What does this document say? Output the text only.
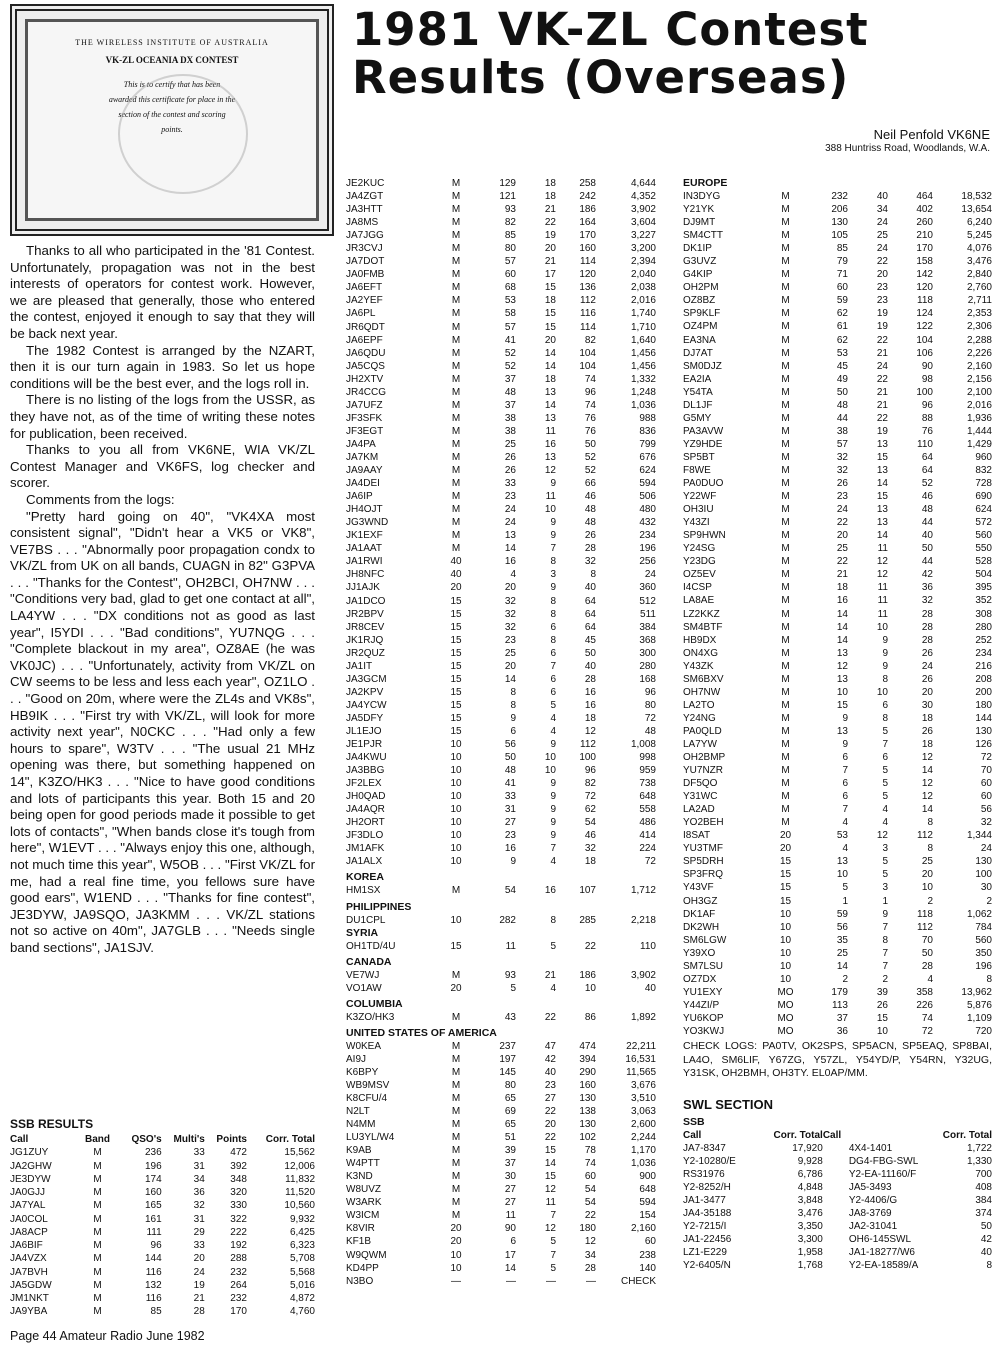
THE WIRELESS INSTITUTE OF AUSTRALIA
VK-ZL OCEANIA DX CONTEST
This is to certify that has been
awarded this certificate for place in the
section of the contest and scoring
points.
1981 VK-ZL Contest
Results (Overseas)
Neil Penfold VK6NE
388 Huntriss Road, Woodlands, W.A.

Thanks to all who participated in the '81 Contest. Unfortunately, propagation was not in the best interests of operators for contest work. However, we are pleased that generally, those who entered the contest, enjoyed it enough to say that they will be back next year.

The 1982 Contest is arranged by the NZART, then it is our turn again in 1983. So let us hope conditions will be the best ever, and the logs roll in.

There is no listing of the logs from the USSR, as they have not, as of the time of writing these notes for publication, been received.

Thanks to you all from VK6NE, WIA VK/ZL Contest Manager and VK6FS, log checker and scorer.

Comments from the logs:

"Pretty hard going on 40", "VK4XA most consistent signal", "Didn't hear a VK5 or VK8", VE7BS . . . "Abnormally poor propagation condx to VK/ZL from UK on all bands, CUAGN in 82" G3PVA . . . "Thanks for the Contest", OH2BCI, OH7NW . . . "Conditions very bad, glad to get one contact at all", LA4YW . . . "DX conditions not as good as last year", I5YDI . . . "Bad conditions", YU7NQG . . . "Complete blackout in my area", OZ8AE (he was VK0JC) . . . "Unfortunately, activity from VK/ZL on CW seems to be less and less each year", OZ1LO . . . "Good on 20m, where were the ZL4s and VK8s", HB9IK . . . "First try with VK/ZL, will look for more activity next year", N0CKC . . . "Had only a few hours to spare", W3TV . . . "The usual 21 MHz opening was there, but something happened on 14", K3ZO/HK3 . . . "Nice to have good conditions and lots of participants this year. Both 15 and 20 being open for good periods made it possible to get lots of contacts", "When bands close it's tough from here", W1EVT . . . "Always enjoy this one, although, not much time this year", W5OB . . . "First VK/ZL for me, had a real fine time, you fellows sure have good ears", W1END . . . "Thanks for fine contest", JE3DYW, JA9SQO, JA3KMM . . . VK/ZL stations not so active on 40m", JA7GLB . . . "Needs single band sections", JA1SJV.

SSB RESULTS
Call	Band	QSO's	Multi's	Points	Corr. Total
JG1ZUY	M	236	33	472	15,562
JA2GHW	M	196	31	392	12,006
JE3DYW	M	174	34	348	11,832
JA0GJJ	M	160	36	320	11,520
JA7YAL	M	165	32	330	10,560
JA0COL	M	161	31	322	9,932
JA8ACP	M	111	29	222	6,425
JA6BIF	M	96	33	192	6,323
JA4VZX	M	144	20	288	5,708
JA7BVH	M	116	24	232	5,568
JA5GDW	M	132	19	264	5,016
JM1NKT	M	116	21	232	4,872
JA9YBA	M	85	28	170	4,760
JE2KUC	M	129	18	258	4,644
JA4ZGT	M	121	18	242	4,352
JA3HTT	M	93	21	186	3,902
JA8MS	M	82	22	164	3,604
JA7JGG	M	85	19	170	3,227
JR3CVJ	M	80	20	160	3,200
JA7DOT	M	57	21	114	2,394
JA0FMB	M	60	17	120	2,040
JA6EFT	M	68	15	136	2,038
JA2YEF	M	53	18	112	2,016
JA6PL	M	58	15	116	1,740
JR6QDT	M	57	15	114	1,710
JA6EPF	M	41	20	82	1,640
JA6QDU	M	52	14	104	1,456
JA5CQS	M	52	14	104	1,456
JH2XTV	M	37	18	74	1,332
JR4CCG	M	48	13	96	1,248
JA7UFZ	M	37	14	74	1,036
JF3SFK	M	38	13	76	988
JF3EGT	M	38	11	76	836
JA4PA	M	25	16	50	799
JA7KM	M	26	13	52	676
JA9AAY	M	26	12	52	624
JA4DEI	M	33	9	66	594
JA6IP	M	23	11	46	506
JH4OJT	M	24	10	48	480
JG3WND	M	24	9	48	432
JK1EXF	M	13	9	26	234
JA1AAT	M	14	7	28	196
JA1RWI	40	16	8	32	256
JH8NFC	40	4	3	8	24
JJ1AJK	20	20	9	40	360
JA1DCO	15	32	8	64	512
JR2BPV	15	32	8	64	511
JR8CEV	15	32	6	64	384
JK1RJQ	15	23	8	45	368
JR2QUZ	15	25	6	50	300
JA1IT	15	20	7	40	280
JA3GCM	15	14	6	28	168
JA2KPV	15	8	6	16	96
JA4YCW	15	8	5	16	80
JA5DFY	15	9	4	18	72
JL1EJO	15	6	4	12	48
JE1PJR	10	56	9	112	1,008
JA4KWU	10	50	10	100	998
JA3BBG	10	48	10	96	959
JF2LEX	10	41	9	82	738
JH0QAD	10	33	9	72	648
JA4AQR	10	31	9	62	558
JH2ORT	10	27	9	54	486
JF3DLO	10	23	9	46	414
JM1AFK	10	16	7	32	224
JA1ALX	10	9	4	18	72
KOREA
HM1SX	M	54	16	107	1,712
PHILIPPINES
DU1CPL	10	282	8	285	2,218
SYRIA
OH1TD/4U	15	11	5	22	110
CANADA
VE7WJ	M	93	21	186	3,902
VO1AW	20	5	4	10	40
COLUMBIA
K3ZO/HK3	M	43	22	86	1,892
UNITED STATES OF AMERICA
W0KEA	M	237	47	474	22,211
AI9J	M	197	42	394	16,531
K6BPY	M	145	40	290	11,565
WB9MSV	M	80	23	160	3,676
K8CFU/4	M	65	27	130	3,510
N2LT	M	69	22	138	3,063
N4MM	M	65	20	130	2,600
LU3YL/W4	M	51	22	102	2,244
K9AB	M	39	15	78	1,170
W4PTT	M	37	14	74	1,036
K3ND	M	30	15	60	900
W8UVZ	M	27	12	54	648
W3ARK	M	27	11	54	594
W3ICM	M	11	7	22	154
K8VIR	20	90	12	180	2,160
KF1B	20	6	5	12	60
W9QWM	10	17	7	34	238
KD4PP	10	14	5	28	140
N3BO	—	—	—	—	CHECK
EUROPE
IN3DYG	M	232	40	464	18,532
Y21YK	M	206	34	402	13,654
DJ9MT	M	130	24	260	6,240
SM4CTT	M	105	25	210	5,245
DK1IP	M	85	24	170	4,076
G3UVZ	M	79	22	158	3,476
G4KIP	M	71	20	142	2,840
OH2PM	M	60	23	120	2,760
OZ8BZ	M	59	23	118	2,711
SP9KLF	M	62	19	124	2,353
OZ4PM	M	61	19	122	2,306
EA3NA	M	62	22	104	2,288
DJ7AT	M	53	21	106	2,226
SM0DJZ	M	45	24	90	2,160
EA2IA	M	49	22	98	2,156
Y54TA	M	50	21	100	2,100
DL1JF	M	48	21	96	2,016
G5MY	M	44	22	88	1,936
PA3AVW	M	38	19	76	1,444
YZ9HDE	M	57	13	110	1,429
SP5BT	M	32	15	64	960
F8WE	M	32	13	64	832
PA0DUO	M	26	14	52	728
Y22WF	M	23	15	46	690
OH3IU	M	24	13	48	624
Y43ZI	M	22	13	44	572
SP9HWN	M	20	14	40	560
Y24SG	M	25	11	50	550
Y23DG	M	22	12	44	528
OZ5EV	M	21	12	42	504
I4CSP	M	18	11	36	395
LA8AE	M	16	11	32	352
LZ2KKZ	M	14	11	28	308
SM4BTF	M	14	10	28	280
HB9DX	M	14	9	28	252
ON4XG	M	13	9	26	234
Y43ZK	M	12	9	24	216
SM6BXV	M	13	8	26	208
OH7NW	M	10	10	20	200
LA2TO	M	15	6	30	180
Y24NG	M	9	8	18	144
PA0QLD	M	13	5	26	130
LA7YW	M	9	7	18	126
OH2BMP	M	6	6	12	72
YU7NZR	M	7	5	14	70
DF5QO	M	6	5	12	60
Y31WC	M	6	5	12	60
LA2AD	M	7	4	14	56
YO2BEH	M	4	4	8	32
I8SAT	20	53	12	112	1,344
YU3TMF	20	4	3	8	24
SP5DRH	15	13	5	25	130
SP3FRQ	15	10	5	20	100
Y43VF	15	5	3	10	30
OH3GZ	15	1	1	2	2
DK1AF	10	59	9	118	1,062
DK2WH	10	56	7	112	784
SM6LGW	10	35	8	70	560
Y39XO	10	25	7	50	350
SM7LSU	10	14	7	28	196
OZ7DX	10	2	2	4	8
YU1EXY	MO	179	39	358	13,962
Y44ZI/P	MO	113	26	226	5,876
YU6KOP	MO	37	15	74	1,109
YO3KWJ	MO	36	10	72	720
CHECK LOGS: PA0TV, OK2SPS, SP5ACN, SP5EAQ, SP8BAI, LA4O, SM6LIF, Y67ZG, Y57ZL, Y54YD/P, Y54RN, Y32UG, Y31SK, OH2BMH, OH3TY. EL0AP/MM.
SWL SECTION
SSB
Call	Corr. Total	Call	Corr. Total
JA7-8347	17,920	4X4-1401	1,722
Y2-10280/E	9,928	DG4-FBG-SWL	1,330
RS31976	6,786	Y2-EA-11160/F	700
Y2-8252/H	4,848	JA5-3493	408
JA1-3477	3,848	Y2-4406/G	384
JA4-35188	3,476	JA8-3769	374
Y2-7215/I	3,350	JA2-31041	50
JA1-22456	3,300	OH6-145SWL	42
LZ1-E229	1,958	JA1-18277/W6	40
Y2-6405/N	1,768	Y2-EA-18589/A	8
Page 44 Amateur Radio June 1982
